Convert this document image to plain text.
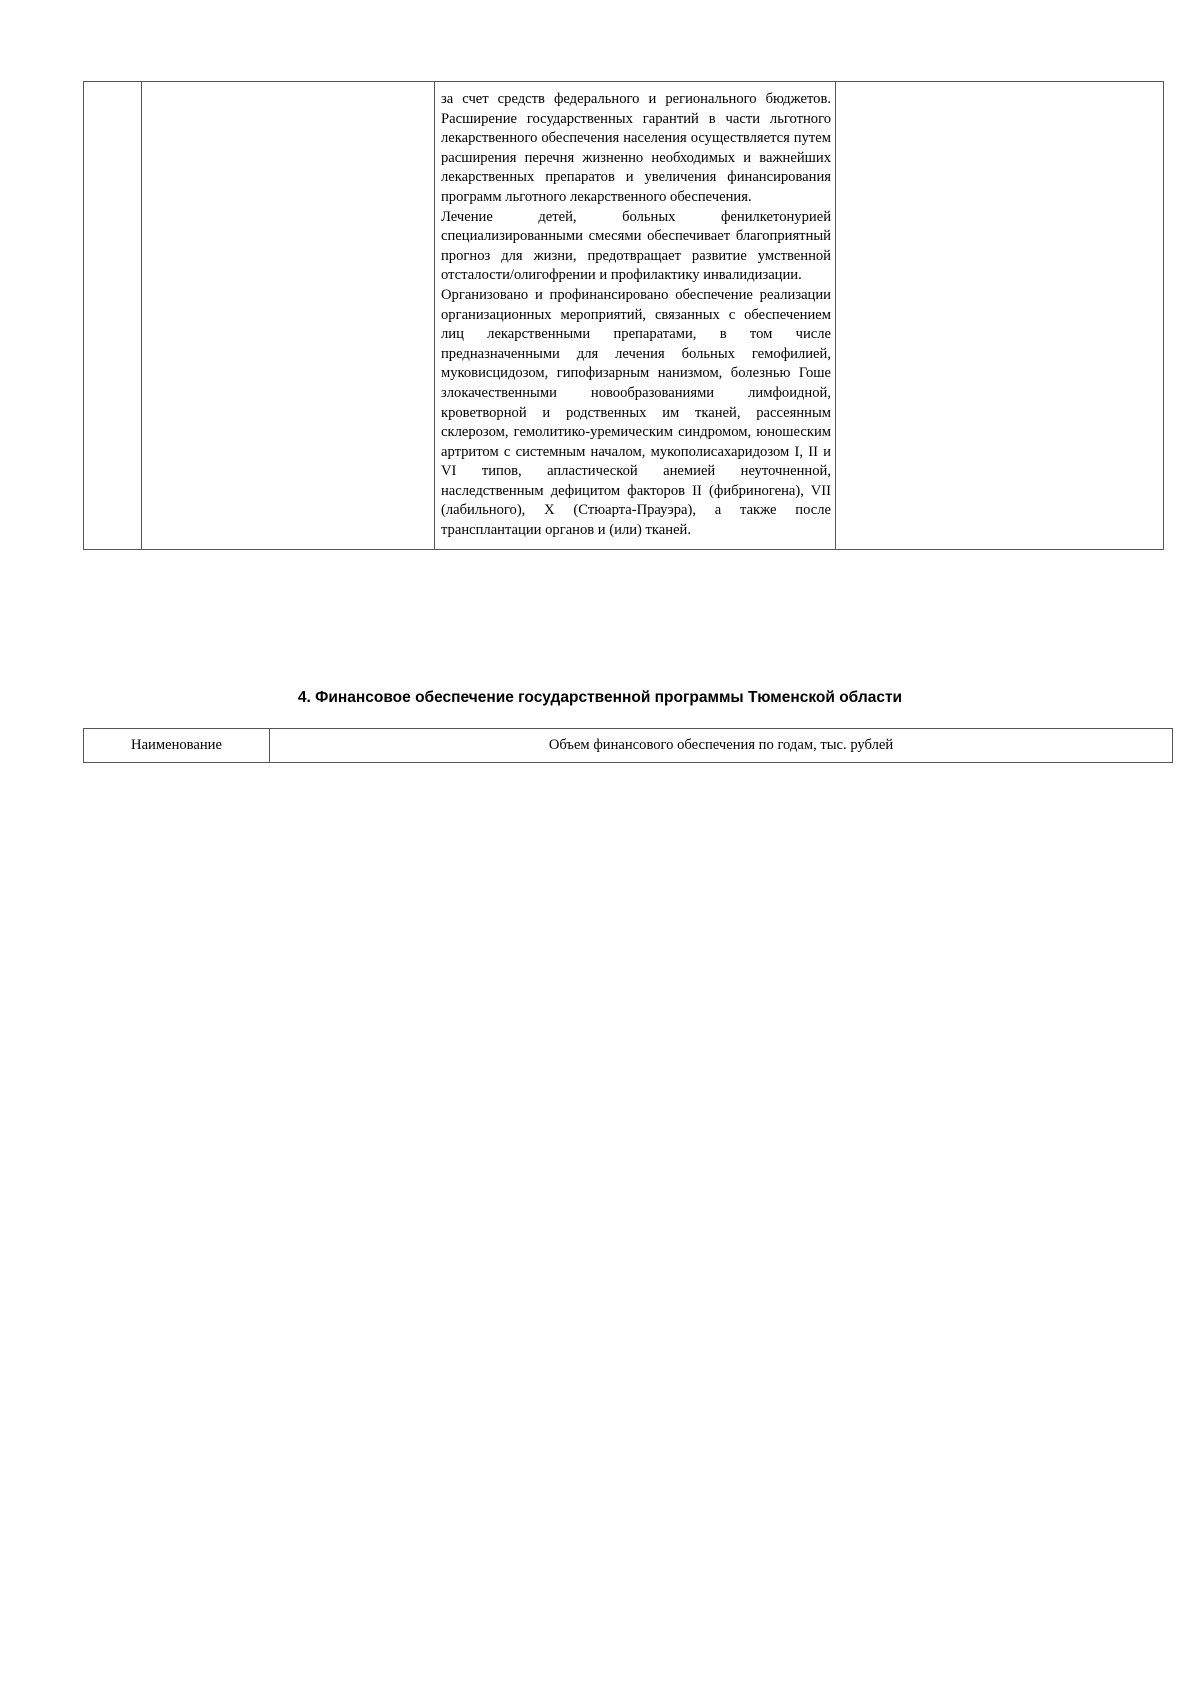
за счет средств федерального и регионального бюджетов. Расширение государственных гарантий в части льготного лекарственного обеспечения населения осуществляется путем расширения перечня жизненно необходимых и важнейших лекарственных препаратов и увеличения финансирования программ льготного лекарственного обеспечения.

Лечение детей, больных фенилкетонурией специализированными смесями обеспечивает благоприятный прогноз для жизни, предотвращает развитие умственной отсталости/олигофрении и профилактику инвалидизации.

Организовано и профинансировано обеспечение реализации организационных мероприятий, связанных с обеспечением лиц лекарственными препаратами, в том числе предназначенными для лечения больных гемофилией, муковисцидозом, гипофизарным нанизмом, болезнью Гоше злокачественными новообразованиями лимфоидной, кроветворной и родственных им тканей, рассеянным склерозом, гемолитико-уремическим синдромом, юношеским артритом с системным началом, мукополисахаридозом I, II и VI типов, апластической анемией неуточненной, наследственным дефицитом факторов II (фибриногена), VII (лабильного), X (Стюарта-Прауэра), а также после трансплантации органов и (или) тканей.

4. Финансовое обеспечение государственной программы Тюменской области
Наименование	Объем финансового обеспечения по годам, тыс. рублей
